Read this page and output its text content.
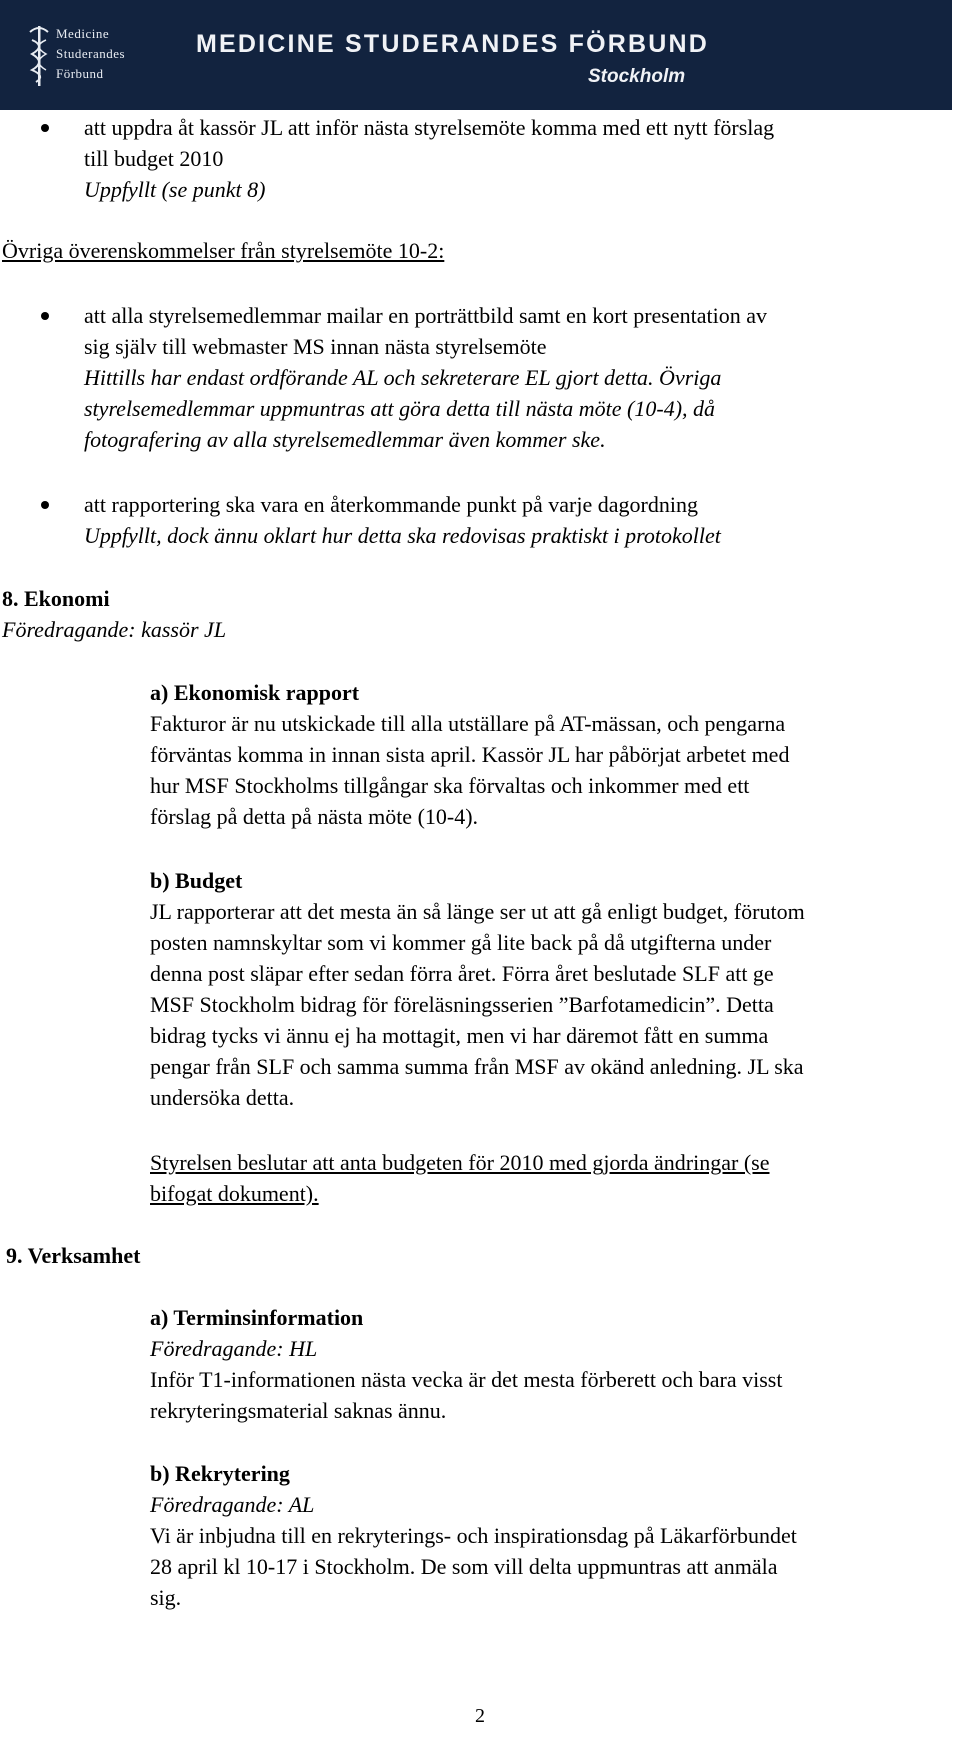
Medicine
Studerandes
Förbund
MEDICINE STUDERANDES FÖRBUND
Stockholm

att uppdra åt kassör JL att inför nästa styrelsemöte komma med ett nytt förslag

till budget 2010

Uppfyllt (se punkt 8)

Övriga överenskommelser från styrelsemöte 10-2:

att alla styrelsemedlemmar mailar en porträttbild samt en kort presentation av

sig själv till webmaster MS innan nästa styrelsemöte

Hittills har endast ordförande AL och sekreterare EL gjort detta. Övriga

styrelsemedlemmar uppmuntras att göra detta till nästa möte (10-4), då

fotografering av alla styrelsemedlemmar även kommer ske.

att rapportering ska vara en återkommande punkt på varje dagordning

Uppfyllt, dock ännu oklart hur detta ska redovisas praktiskt i protokollet

8. Ekonomi

Föredragande: kassör JL

a) Ekonomisk rapport

Fakturor är nu utskickade till alla utställare på AT-mässan, och pengarna
förväntas komma in innan sista april. Kassör JL har påbörjat arbetet med
hur MSF Stockholms tillgångar ska förvaltas och inkommer med ett
förslag på detta på nästa möte (10-4).

b) Budget

JL rapporterar att det mesta än så länge ser ut att gå enligt budget, förutom
posten namnskyltar som vi kommer gå lite back på då utgifterna under
denna post släpar efter sedan förra året. Förra året beslutade SLF att ge
MSF Stockholm bidrag för föreläsningsserien ”Barfotamedicin”. Detta
bidrag tycks vi ännu ej ha mottagit, men vi har däremot fått en summa
pengar från SLF och samma summa från MSF av okänd anledning. JL ska
undersöka detta.
Styrelsen beslutar att anta budgeten för 2010 med gjorda ändringar (se
bifogat dokument).

9. Verksamhet

a) Terminsinformation

Föredragande: HL

Inför T1-informationen nästa vecka är det mesta förberett och bara visst
rekryteringsmaterial saknas ännu.

b) Rekrytering

Föredragande: AL

Vi är inbjudna till en rekryterings- och inspirationsdag på Läkarförbundet
28 april kl 10-17 i Stockholm. De som vill delta uppmuntras att anmäla
sig.

2
